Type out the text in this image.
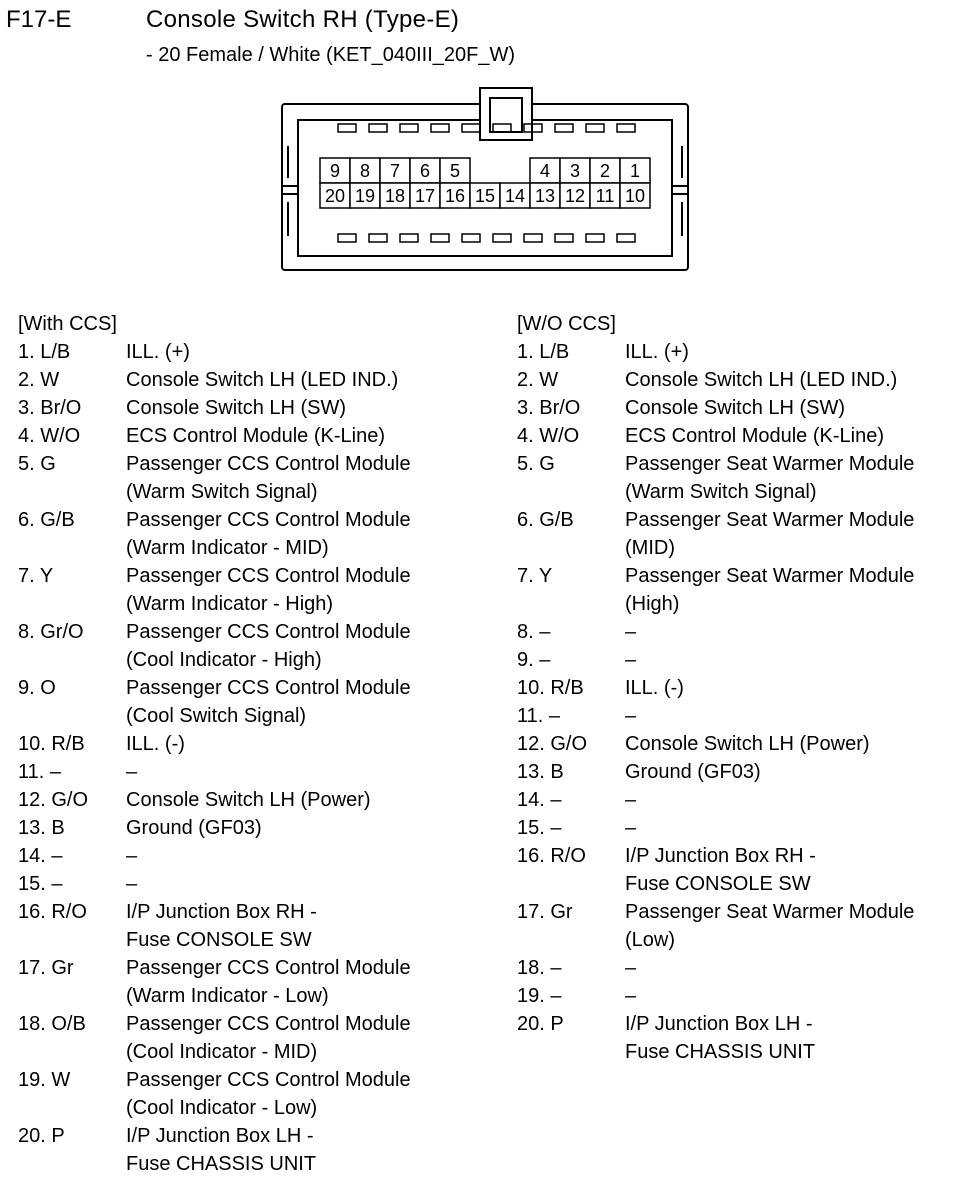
F17-E	Console Switch RH (Type-E)
- 20 Female / White (KET_040III_20F_W)
9 8 7 6 5	4 3 2 1
20 19 18 17 16 15 14 13 12 11 10
[With CCS]
1. L/B	ILL. (+)
2. W	Console Switch LH (LED IND.)
3. Br/O	Console Switch LH (SW)
4. W/O	ECS Control Module (K-Line)
5. G	Passenger CCS Control Module
(Warm Switch Signal)
6. G/B	Passenger CCS Control Module
(Warm Indicator - MID)
7. Y	Passenger CCS Control Module
(Warm Indicator - High)
8. Gr/O	Passenger CCS Control Module
(Cool Indicator - High)
9. O	Passenger CCS Control Module
(Cool Switch Signal)
10. R/B	ILL. (-)
11. –	–
12. G/O	Console Switch LH (Power)
13. B	Ground (GF03)
14. –	–
15. –	–
16. R/O	I/P Junction Box RH -
Fuse CONSOLE SW
17. Gr	Passenger CCS Control Module
(Warm Indicator - Low)
18. O/B	Passenger CCS Control Module
(Cool Indicator - MID)
19. W	Passenger CCS Control Module
(Cool Indicator - Low)
20. P	I/P Junction Box LH -
Fuse CHASSIS UNIT
[W/O CCS]
1. L/B	ILL. (+)
2. W	Console Switch LH (LED IND.)
3. Br/O	Console Switch LH (SW)
4. W/O	ECS Control Module (K-Line)
5. G	Passenger Seat Warmer Module
(Warm Switch Signal)
6. G/B	Passenger Seat Warmer Module
(MID)
7. Y	Passenger Seat Warmer Module
(High)
8. –	–
9. –	–
10. R/B	ILL. (-)
11. –	–
12. G/O	Console Switch LH (Power)
13. B	Ground (GF03)
14. –	–
15. –	–
16. R/O	I/P Junction Box RH -
Fuse CONSOLE SW
17. Gr	Passenger Seat Warmer Module
(Low)
18. –	–
19. –	–
20. P	I/P Junction Box LH -
Fuse CHASSIS UNIT
